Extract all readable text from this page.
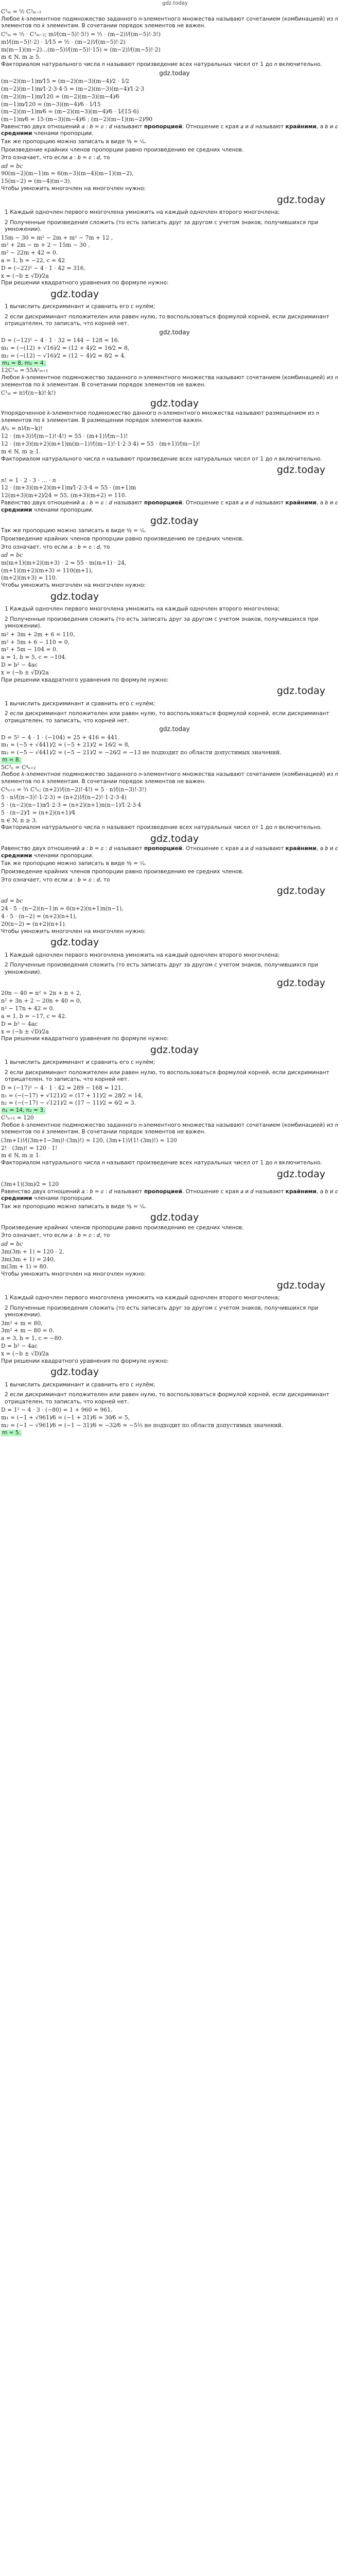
gdz.today
C⁵ₘ = ⁵⁄₂ C³ₘ₋₂
Любое 𝑘-элементное подмножество заданного 𝑛-элементного множества называют сочетанием (комбинацией) из 𝑛 элементов по 𝑘 элементам. В сочетании порядок элементов не важен.
C⁵ₘ = ⁵⁄₂ · C³ₘ₋₂; m!⁄((m−5)!·5!) = ⁵⁄₂ · (m−2)!⁄((m−5)!·3!)
m!⁄((m−5)!·2) · 1⁄15 = ⁵⁄₂ · (m−2)!⁄((m−5)!·2)
m(m−1)(m−2)…(m−5)!⁄((m−5)!·15) = (m−2)!⁄((m−5)!·2)
m ∈ N, m ≥ 5.
Факториалом натурального числа 𝑛 называют произведение всех натуральных чисел от 1 до 𝑛 включительно.
gdz.today
(m−2)(m−1)m⁄15 = (m−2)(m−3)(m−4)⁄2 · 1⁄2
(m−2)(m−1)m⁄1·2·3·4·5 = (m−2)(m−3)(m−4)⁄1·2·3
(m−2)(m−1)m⁄120 = (m−2)(m−3)(m−4)⁄6
(m−1)m⁄120 = (m−3)(m−4)⁄6 · 1⁄15
(m−2)(m−1)m⁄6 = (m−2)(m−3)(m−4)⁄6 · 1⁄(15·6)
(m−1)m⁄6 = 15·(m−3)(m−4)⁄6 ; (m−2)(m−1)(m−2)⁄90
Равенство двух отношений 𝑎 : 𝑏 = 𝑐 : 𝑑 называют пропорцией. Отношение с края 𝑎 и 𝑑 называют крайними, а 𝑏 и 𝑐 средними членами пропорции.
Так же пропорцию можно записать в виде ᵃ⁄ᵦ = ᶜ⁄ₐ.
Произведение крайних членов пропорции равно произведению ее средних членов.
Это означает, что если 𝑎 : 𝑏 = 𝑐 : 𝑑, то
𝑎𝑑 = 𝑏𝑐
90(m−2)(m−1)m = 6(m−3)(m−4)(m−1)(m−2),
15(m−2) = (m−4)(m−3).
Чтобы умножить многочлен на многочлен нужно:
gdz.today
1 Каждый одночлен первого многочлена умножить на каждый одночлен второго многочлена;
2 Полученные произведения сложить (то есть записать друг за другом с учетом знаков, получившихся при умножении).
15m − 30 = m² − 2m + m² − 7m + 12 ,
m² + 2m − m + 2 − 15m − 30 ,
m² − 22m + 42 = 0.
a = 1, b = −22, c = 42
D = (−22)² − 4 · 1 · 42 = 316.
x = (−b ± √D)⁄2a
При решении квадратного уравнения по формуле нужно:
gdz.today
1 вычислить дискриминант и сравнить его с нулём;
2 если дискриминант положителен или равен нулю, то воспользоваться формулой корней, если дискриминант отрицателен, то записать, что корней нет.
gdz.today
D = (−12)² − 4 · 1 · 32 = 144 − 128 = 16.
m₁ = (−(12) + √16)⁄2 = (12 + 4)⁄2 = 16⁄2 = 8,
m₂ = (−(12) − √16)⁄2 = (12 − 4)⁄2 = 8⁄2 = 4.
m₁ = 8, m₂ = 4.
12C¹ₘ = 55A²ₘ₊₁
Любое 𝑘-элементное подмножество заданного 𝑛-элементного множества называют сочетанием (комбинацией) из 𝑛 элементов по 𝑘 элементам. В сочетании порядок элементов не важен.
C¹ₘ = n!⁄((n−k)!·k!)
gdz.today
Упорядоченное 𝑘-элементное подмножество данного 𝑛-элементного множества называют размещением из 𝑛 элементов по 𝑘 элементам. В размещении порядок элементов важен.
Aᵏₙ = n!⁄(n−k)!
12 · (m+3)!⁄((m−1)!·4!) = 55 · (m+1)!⁄(m−1)!
12 · (m+3)(m+2)(m+1)m(m−1)!⁄((m−1)!·1·2·3·4) = 55 · (m+1)!⁄(m−1)!
m ∈ N, m ≥ 1.
Факториалом натурального числа 𝑛 называют произведение всех натуральных чисел от 1 до 𝑛 включительно.
gdz.today
𝑛! = 1 · 2 · 3 · … · 𝑛
12 · (m+3)(m+2)(m+1)m⁄1·2·3·4 = 55 · (m+1)m
12(m+3)(m+2)⁄24 = 55, (m+3)(m+2) = 110.
Равенство двух отношений 𝑎 : 𝑏 = 𝑐 : 𝑑 называют пропорцией. Отношение с края 𝑎 и 𝑑 называют крайними, а 𝑏 и 𝑐 средними членами пропорции.
gdz.today
Так же пропорцию можно записать в виде ᵃ⁄ᵦ = ᶜ⁄ₐ.
Произведение крайних членов пропорции равно произведению ее средних членов.
Это означает, что если 𝑎 : 𝑏 = 𝑐 : 𝑑, то
𝑎𝑑 = 𝑏𝑐
m(m+1)(m+2)(m+3) · 2 = 55 · m(m+1) · 24,
(m+1)(m+2)(m+3) = 110(m+1),
(m+2)(m+3) = 110.
Чтобы умножить многочлен на многочлен нужно:
gdz.today
1 Каждый одночлен первого многочлена умножить на каждый одночлен второго многочлена;
2 Полученные произведения сложить (то есть записать друг за другом с учетом знаков, получившихся при умножении).
m² + 3m + 2m + 6 = 110,
m² + 5m + 6 − 110 = 0,
m² + 5m − 104 = 0.
a = 1, b = 5, c = −104.
D = b² − 4ac
x = (−b ± √D)⁄2a
При решении квадратного уравнения по формуле нужно:
gdz.today
1 вычислить дискриминант и сравнить его с нулём;
2 если дискриминант положителен или равен нулю, то воспользоваться формулой корней, если дискриминант отрицателен, то записать, что корней нет.
gdz.today
D = 5² − 4 · 1 · (−104) = 25 + 416 = 441.
m₁ = (−5 + √441)⁄2 = (−5 + 21)⁄2 = 16⁄2 = 8,
m₂ = (−5 − √441)⁄2 = (−5 − 21)⁄2 = −26⁄2 = −13 не подходит по области допустимых значений.
m = 8.
5C³ₙ = C⁴ₙ₊₂
Любое 𝑘-элементное подмножество заданного 𝑛-элементного множества называют сочетанием (комбинацией) из 𝑛 элементов по 𝑘 элементам. В сочетании порядок элементов не важен.
C⁴ₙ₊₂ = ⁵⁄₁ C³ₙ; (n+2)!⁄((n−2)!·4!) = 5 · n!⁄((n−3)!·3!)
5 · n!⁄((n−3)!·1·2·3) = (n+2)!⁄((n−2)!·1·2·3·4)
5 · (n−2)(n−1)n⁄1·2·3 = (n+2)(n+1)n(n−1)⁄1·2·3·4
5 · (n−2)⁄1 = (n+2)(n+1)⁄4
n ∈ N, n ≥ 3.
Факториалом натурального числа 𝑛 называют произведение всех натуральных чисел от 1 до 𝑛 включительно.
gdz.today
Равенство двух отношений 𝑎 : 𝑏 = 𝑐 : 𝑑 называют пропорцией. Отношение с края 𝑎 и 𝑑 называют крайними, а 𝑏 и 𝑐 средними членами пропорции.
Так же пропорцию можно записать в виде ᵃ⁄ᵦ = ᶜ⁄ₐ.
Произведение крайних членов пропорции равно произведению ее средних членов.
Это означает, что если 𝑎 : 𝑏 = 𝑐 : 𝑑, то
gdz.today
𝑎𝑑 = 𝑏𝑐
24 · 5 · (n−2)(n−1)n = 6(n+2)(n+1)n(n−1),
4 · 5 · (n−2) = (n+2)(n+1),
20(n−2) = (n+2)(n+1).
Чтобы умножить многочлен на многочлен нужно:
gdz.today
1 Каждый одночлен первого многочлена умножить на каждый одночлен второго многочлена;
2 Полученные произведения сложить (то есть записать друг за другом с учетом знаков, получившихся при умножении).
gdz.today
20n − 40 = n² + 2n + n + 2,
n² + 3n + 2 − 20n + 40 = 0,
n² − 17n + 42 = 0.
a = 1, b = −17, c = 42.
D = b² − 4ac
x = (−b ± √D)⁄2a
При решении квадратного уравнения по формуле нужно:
gdz.today
1 вычислить дискриминант и сравнить его с нулём;
2 если дискриминант положителен или равен нулю, то воспользоваться формулой корней, если дискриминант отрицателен, то записать, что корней нет.
D = (−17)² − 4 · 1 · 42 = 289 − 168 = 121.
n₁ = (−(−17) + √121)⁄2 = (17 + 11)⁄2 = 28⁄2 = 14,
n₂ = (−(−17) − √121)⁄2 = (17 − 11)⁄2 = 6⁄2 = 3.
n₁ = 14, n₂ = 3.
C³ₙ₊₁ = 120
Любое 𝑘-элементное подмножество заданного 𝑛-элементного множества называют сочетанием (комбинацией) из 𝑛 элементов по 𝑘 элементам. В сочетании порядок элементов не важен.
(3m+1)!⁄((3m+1−3m)!·(3m)!) = 120, (3m+1)!⁄(1!·(3m)!) = 120
2! · (3m)! = 120 · 1!
m ∈ N, m ≥ 1.
Факториалом натурального числа 𝑛 называют произведение всех натуральных чисел от 1 до 𝑛 включительно.
gdz.today
(3m+1)(3m)⁄2 = 120
Равенство двух отношений 𝑎 : 𝑏 = 𝑐 : 𝑑 называют пропорцией. Отношение с края 𝑎 и 𝑑 называют крайними, а 𝑏 и 𝑐 средними членами пропорции.
Так же пропорцию можно записать в виде ᵃ⁄ᵦ = ᶜ⁄ₐ.
gdz.today
Произведение крайних членов пропорции равно произведению ее средних членов.
Это означает, что если 𝑎 : 𝑏 = 𝑐 : 𝑑, то
𝑎𝑑 = 𝑏𝑐
3m(3m + 1) = 120 · 2,
3m(3m + 1) = 240,
m(3m + 1) = 80.
Чтобы умножить многочлен на многочлен нужно:
gdz.today
1 Каждый одночлен первого многочлена умножить на каждый одночлен второго многочлена;
2 Полученные произведения сложить (то есть записать друг за другом с учетом знаков, получившихся при умножении).
3m² + m = 80,
3m² + m − 80 = 0.
a = 3, b = 1, c = −80.
D = b² − 4ac
x = (−b ± √D)⁄2a
При решении квадратного уравнения по формуле нужно:
gdz.today
1 вычислить дискриминант и сравнить его с нулём;
2 если дискриминант положителен или равен нулю, то воспользоваться формулой корней, если дискриминант отрицателен, то записать, что корней нет.
D = 1² − 4 · 3 · (−80) = 1 + 960 = 961.
m₁ = (−1 + √961)⁄6 = (−1 + 31)⁄6 = 30⁄6 = 5,
m₂ = (−1 − √961)⁄6 = (−1 − 31)⁄6 = −32⁄6 = −5⅓ не подходит по области допустимых значений.
m = 5.
